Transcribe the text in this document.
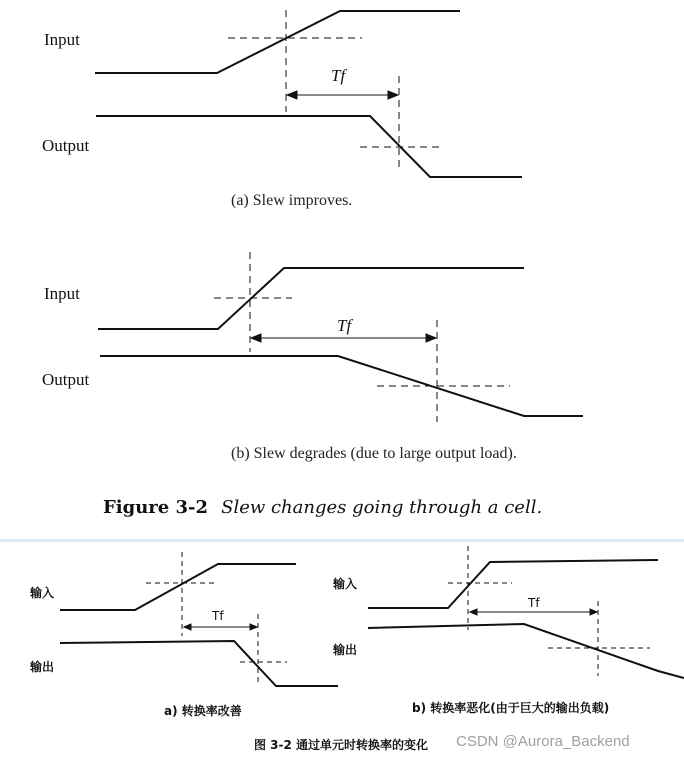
Input
Output
Tf
(a) Slew improves.
Input
Output
Tf
(b) Slew degrades (due to large output load).
Figure 3-2 Slew changes going through a cell.
输入
输出
Tf
a) 转换率改善
输入
输出
Tf
b) 转换率恶化(由于巨大的输出负载)
图 3-2 通过单元时转换率的变化 CSDN @Aurora_Backend
